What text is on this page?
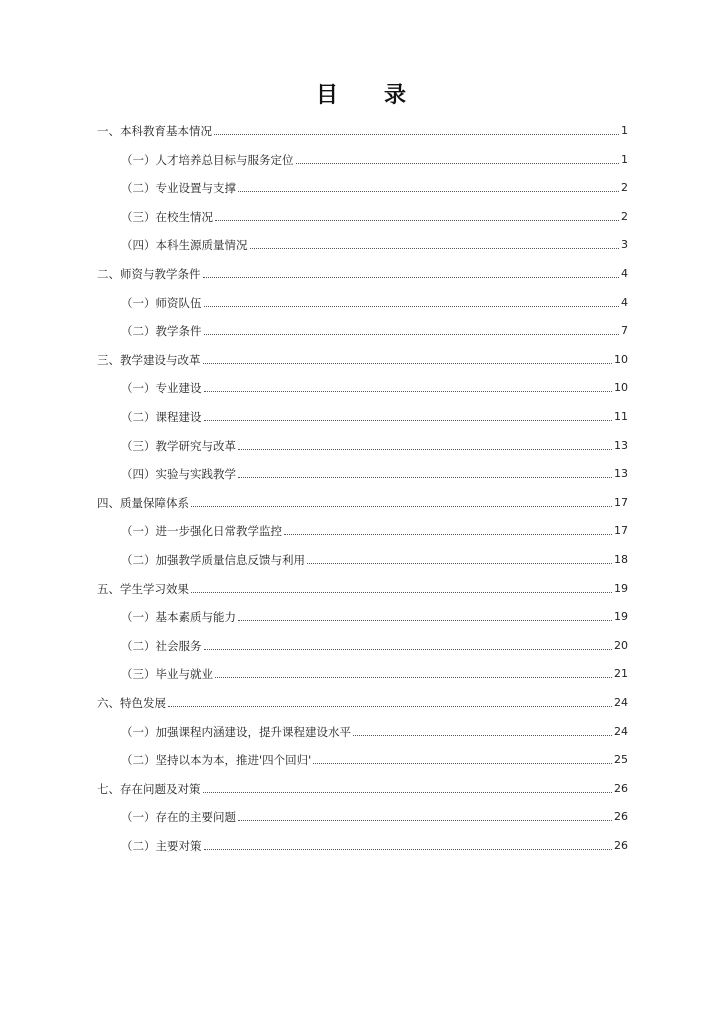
目 录
一、本科教育基本情况	1
（一）人才培养总目标与服务定位	1
（二）专业设置与支撑	2
（三）在校生情况	2
（四）本科生源质量情况	3
二、师资与教学条件	4
（一）师资队伍	4
（二）教学条件	7
三、教学建设与改革	10
（一）专业建设	10
（二）课程建设	11
（三）教学研究与改革	13
（四）实验与实践教学	13
四、质量保障体系	17
（一）进一步强化日常教学监控	17
（二）加强教学质量信息反馈与利用	18
五、学生学习效果	19
（一）基本素质与能力	19
（二）社会服务	20
（三）毕业与就业	21
六、特色发展	24
（一）加强课程内涵建设，提升课程建设水平	24
（二）坚持以本为本，推进'四个回归'	25
七、存在问题及对策	26
（一）存在的主要问题	26
（二）主要对策	26
